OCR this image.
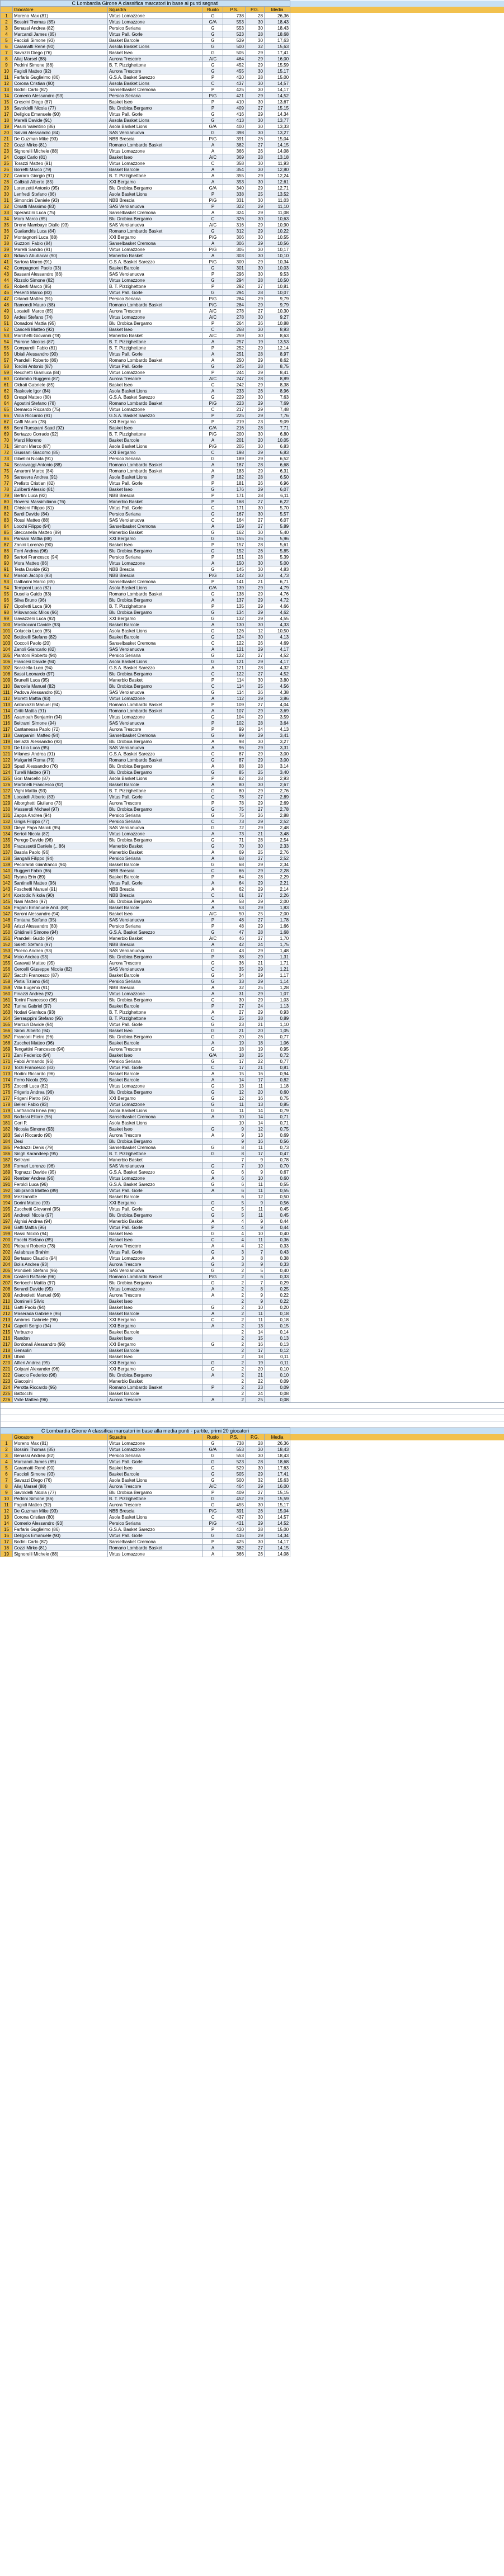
C Lombardia Girone A classifica marcatori in base ai punti segnati							
	Giocatore	Squadra	Ruolo	P.S.	P.G.	Media	
1	Moreno Max (81)	Virtus Lomazzone	G	738	28	26,36	
2	Bossini Thomas (85)	Virtus Lomazzone	G/A	553	30	18,43	
3	Benassi Andrea (82)	Persico Seriana	G	553	30	18,43	
4	Marcandi James (85)	Virtus Pall. Gorle	G	523	28	18,68	
5	Faccioli Simone (93)	Basket Barcole	G	529	30	17,63	
6	Caramatti René (90)	Assola Basket Lions	G	500	32	15,63	
7	Savazzi Diego (76)	Basket Iseo	G	505	29	17,41	
8	Aliaj Marsel (88)	Aurora Trescore	A/C	464	29	16,00	
9	Pedrini Simone (86)	B. T. Pizzighettone	G	452	29	15,59	
10	Fagioli Matteo (92)	Aurora Trescore	G	455	30	15,17	
11	Farfaris Guglielmo (86)	G.S.A. Basket Sarezzo	P	420	28	15,00	
12	Corona Cristian (80)	Assola Basket Lions	C	437	30	14,57	
13	Bodini Carlo (87)	Sanselbasket Cremona	P	425	30	14,17	
14	Comerio Alessandro (93)	Persico Seriana	P/G	421	29	14,52	
15	Crescini Diego (87)	Basket Iseo	P	410	30	13,67	
16	Savoldelli Nicola (77)	Blu Orobica Bergamo	P	409	27	15,15	
17	Deligios Emanuele (90)	Virtus Pall. Gorle	G	416	29	14,34	
18	Marelli Davide (91)	Assola Basket Lions	G	413	30	13,77	
19	Pasini Valentino (86)	Asola Basket Lions	G/A	400	30	13,33	
20	Salvini Alessandro (84)	SAS Verolanuova	G	398	30	13,27	
21	De Guzman Mike (93)	NBB Brescia	P/G	391	26	15,04	
22	Cozzi Mirko (81)	Romano Lombardo Basket	A	382	27	14,15	
23	Signorelli Michele (88)	Virtus Lomazzone	A	366	26	14,08	
24	Coppi Carlo (81)	Basket Iseo	A/C	369	28	13,18	
25	Torazzi Matteo (91)	Virtus Lomazzone	C	358	30	11,93	
26	Borretti Marco (79)	Basket Barcole	A	354	30	12,80	
27	Carrara Giorgio (91)	B. T. Pizzighettone	A	355	29	12,24	
28	Galbiati Alberto (85)	XXI Bergamo	A	353	30	12,61	
29	Lorenzetti Antonio (95)	Blu Orobica Bergamo	G/A	340	29	12,71	
30	Lenfredi Stefano (86)	Asola Basket Lions	P	338	25	13,52	
31	Simoncini Daniele (93)	NBB Brescia	P/G	331	30	11,03	
32	Orsatti Massimo (83)	SAS Verolanuova	P	322	29	11,10	
33	Speranzini Luca (75)	Sanselbasket Cremona	A	324	29	11,08	
34	Mora Marco (85)	Blu Orobica Bergamo	C	326	30	10,63	
35	Drene Mambaye Diallo (93)	SAS Verolanuova	A/C	316	29	10,90	
36	Gualandris Luca (84)	Romano Lombardo Basket	G	312	29	10,22	
37	Montagnoni Luca (88)	XXI Bergamo	P/G	306	30	10,55	
38	Guzzoni Fabio (84)	Sanselbasket Cremona	A	306	29	10,56	
39	Marelli Sandro (91)	Virtus Lomazzone	P/G	305	30	10,17	
40	Nduwo Abubacar (90)	Manerbio Basket	A	303	30	10,10	
41	Sartora Marco (91)	G.S.A. Basket Sarezzo	P/G	300	29	10,34	
42	Compagnoni Paolo (93)	Basket Barcole	G	301	30	10,03	
43	Bassani Alessandro (86)	SAS Verolanuova	P	296	30	9,53	
44	Rizzolo Simone (82)	Virtus Lomazzone	G	294	28	10,50	
45	Roberti Marco (85)	B. T. Pizzighettone	P	292	27	10,81	
46	Pesenti Marco (83)	Virtus Pall. Gorle	G	294	28	10,07	
47	Orlandi Matteo (91)	Persico Seriana	P/G	284	29	9,79	
48	Ramondi Mauro (88)	Romano Lombardo Basket	P/G	284	29	9,79	
49	Locatelli Marco (85)	Aurora Trescore	A/C	278	27	10,30	
50	Ardesi Stefano (74)	Virtus Lomazzone	A/C	278	30	9,27	
51	Donadoni Mattia (95)	Blu Orobica Bergamo	P	264	26	10,88	
52	Cancelli Matteo (92)	Basket Iseo	C	268	30	8,93	
53	Marchetti Giovanni (78)	Manerbio Basket	A/C	259	30	8,63	
54	Pairone Nicolas (87)	B. T. Pizzighettone	A	257	19	13,53	
55	Comparelli Fabio (81)	B. T. Pizzighettone	P	252	29	12,14	
56	Ubiali Alessandro (90)	Virtus Pall. Gorle	A	251	28	8,97	
57	Prandelli Roberto (86)	Romano Lombardo Basket	A	250	29	8,62	
58	Tordini Antonio (87)	Virtus Pall. Gorle	G	245	28	8,75	
59	Recchetti Gianluca (84)	Virtus Lomazzone	P	244	29	8,41	
60	Colombo Ruggero (87)	Aurora Trescore	A/C	247	28	8,89	
61	Oldrati Gabriele (85)	Basket Iseo	C	242	29	8,38	
62	Raskovic Igor (84)	Asola Basket Lions	A	233	26	8,96	
63	Crespi Matteo (80)	G.S.A. Basket Sarezzo	G	229	30	7,63	
64	Agostini Stefano (78)	Romano Lombardo Basket	P/G	223	29	7,69	
65	Demarco Riccardo (75)	Virtus Lomazzone	C	217	29	7,48	
66	Viola Riccardo (91)	G.S.A. Basket Sarezzo	P	225	29	7,76	
67	Caffi Mauro (78)	XXI Bergamo	P	219	23	9,09	
68	Beni Ruespani Saad (92)	Basket Iseo	G/A	216	28	7,71	
69	Bertazzo Corrado (92)	B. T. Pizzighettone	P/G	200	30	6,80	
70	Marzi Moreno	Basket Barcole	A	201	20	10,05	
71	Simoni Marco (87)	Asola Basket Lions	P/G	205	30	6,83	
72	Giussani Giacomo (85)	XXI Bergamo	C	198	29	6,83	
73	Gibellini Nicola (91)	Persico Seriana	G	189	29	6,52	
74	Scaravaggi Antonio (88)	Romano Lombardo Basket	A	187	28	6,68	
75	Amaroni Marco (84)	Romano Lombardo Basket	A	183	29	6,31	
76	Sansevra Andrea (91)	Asola Basket Lions	P	182	28	6,50	
77	Prefisto Cristian (82)	Virtus Pall. Gorle	P	181	26	6,96	
78	Zuliberti Alessio (81)	Basket Iseo	G	176	29	6,07	
79	Bertini Luca (92)	NBB Brescia	P	171	28	6,11	
80	Roversi Massimiliano (76)	Manerbio Basket	P	168	27	6,22	
81	Ghisleni Filippo (81)	Virtus Pall. Gorle	C	171	30	5,70	
82	Bardi Davide (84)	Persico Seriana	G	167	30	5,57	
83	Rossi Matteo (88)	SAS Verolanuova	C	164	27	6,07	
84	Locchi Filippo (94)	Sanselbasket Cremona	A	159	27	5,89	
85	Steccanella Matteo (89)	Manerbio Basket	G	162	30	5,40	
86	Parsani Mattia (88)	XXI Bergamo	G	155	26	5,96	
87	Zanini Lorenzo (90)	Basket Iseo	P	157	28	5,61	
88	Ferri Andrea (96)	Blu Orobica Bergamo	G	152	26	5,85	
89	Sartori Francesco (94)	Persico Seriana	P	151	28	5,39	
90	Mora Matteo (86)	Virtus Lomazzone	A	150	30	5,00	
91	Testa Davide (92)	NBB Brescia	G	145	30	4,83	
92	Mason Jacopo (93)	NBB Brescia	P/G	142	30	4,73	
93	Galbarini Marco (85)	Sanselbasket Cremona	P	141	21	6,71	
94	Temponi Luca (82)	Asola Basket Lions	G/A	139	29	4,79	
95	Dusella Guido (83)	Romano Lombardo Basket	G	138	29	4,76	
96	Silva Bruno (96)	Blu Orobica Bergamo	A	137	29	4,72	
97	Cipolletti Luca (90)	B. T. Pizzighettone	P	135	29	4,66	
98	Milovanovic Milos (96)	Blu Orobica Bergamo	G	134	29	4,62	
99	Gavazzeni Luca (92)	XXI Bergamo	G	132	29	4,55	
100	Mastrocani Davide (93)	Basket Barcole	A	130	30	4,33	
101	Coluccia Luca (85)	Asola Basket Lions	G	126	12	10,50	
102	Botticelli Stefano (82)	Basket Barcole	G	124	30	4,13	
103	Coccoli Paolo (20)	Sanselbasket Cremona	C	122	26	4,69	
104	Zanoli Giancarlo (82)	SAS Verolanuova	A	121	29	4,17	
105	Piantoni Roberto (94)	Persico Seriana	G	122	27	4,52	
106	Francesi Davide (94)	Asola Basket Lions	G	121	29	4,17	
107	Scarzella Luca (94)	G.S.A. Basket Sarezzo	A	121	28	4,32	
108	Bassi Leonardo (97)	Blu Orobica Bergamo	C	122	27	4,52	
109	Brunelli Luca (95)	Manerbio Basket	P	114	30	3,80	
110	Barcella Manuel (82)	Blu Orobica Bergamo	C	114	25	4,56	
111	Padova Alessandro (81)	SAS Verolanuova	G	114	26	4,38	
112	Moretti Mattia (93)	Virtus Lomazzone	A	112	29	3,86	
113	Antoniazzi Manuel (94)	Romano Lombardo Basket	P	109	27	4,04	
114	Gritti Mattia (91)	Romano Lombardo Basket	A	107	29	3,69	
115	Asamoah Benjamin (94)	Virtus Lomazzone	G	104	29	3,59	
116	Beltrami Simone (94)	SAS Verolanuova	P	102	28	3,64	
117	Cantanessa Paolo (72)	Aurora Trescore	P	99	24	4,13	
118	Campanini Matteo (94)	Sanselbasket Cremona	G	99	29	3,41	
119	Bellazzi Alessandro (93)	Blu Orobica Bergamo	A	98	30	3,27	
120	De Lillo Luca (95)	SAS Verolanuova	A	96	29	3,31	
121	Milanesi Andrea (91)	G.S.A. Basket Sarezzo	C	87	29	3,00	
122	Malgarini Roma (79)	Romano Lombardo Basket	G	87	29	3,00	
123	Spadi Alessandro (76)	Blu Orobica Bergamo	A	88	28	3,14	
124	Turelli Matteo (97)	Blu Orobica Bergamo	G	85	25	3,40	
125	Gori Marcello (87)	Asola Basket Lions	P	82	28	2,93	
126	Martinelli Francesco (92)	Basket Barcole	A	80	30	2,67	
127	Vighi Mattia (93)	B. T. Pizzighettone	G	80	29	2,76	
128	Locatelli Alberto (83)	Virtus Pall. Gorle	C	78	27	2,89	
129	Alborghetti Giuliano (73)	Aurora Trescore	P	78	29	2,69	
130	Masseroli Michael (97)	Blu Orobica Bergamo	G	75	27	2,78	
131	Zappa Andrea (94)	Persico Seriana	G	75	26	2,88	
132	Grigis Filippo (77)	Persico Seriana	C	73	29	2,52	
133	Dieye Papa Malick (95)	SAS Verolanuova	G	72	29	2,48	
134	Bertoli Nicola (82)	Virtus Lomazzone	A	73	21	3,48	
135	Perego Davide (96)	Blu Orobica Bergamo	G	71	28	2,54	
136	Fracassetti Daniele (., 86)	Manerbio Basket	G	70	30	2,33	
137	Basola Paolo (96)	Manerbio Basket	A	69	25	2,76	
138	Sangalli Filippo (94)	Persico Seriana	A	68	27	2,52	
139	Pecoraroli Gianfranco (94)	Basket Barcole	G	68	29	2,34	
140	Ruggeri Fabio (86)	NBB Brescia	C	66	29	2,28	
141	Ryana Erin (89)	Basket Barcole	P	64	28	2,29	
142	Santinelli Matteo (96)	Virtus Pall. Gorle	A	64	29	2,21	
143	Foschetti Manuel (91)	NBB Brescia	A	62	29	2,14	
144	Kostodic Nikola (90)	NBB Brescia	C	61	27	2,26	
145	Nani Matteo (97)	Blu Orobica Bergamo	A	58	29	2,00	
146	Fagani Emanuele And. (88)	Basket Barcole	A	53	29	1,83	
147	Baroni Alessandro (94)	Basket Iseo	A/C	50	25	2,00	
148	Fontana Stefano (95)	SAS Verolanuova	P	48	27	1,78	
149	Arizzi Alessandro (80)	Persico Seriana	P	48	29	1,66	
150	Ghidinelli Simone (94)	G.S.A. Basket Sarezzo	G	47	28	1,68	
151	Prandelli Guido (94)	Manerbio Basket	A/C	46	27	1,70	
152	Saletti Stefano (97)	NBB Brescia	A	42	24	1,75	
153	Piceno Andrea (93)	SAS Verolanuova	G	43	29	1,48	
154	Moio Andrea (93)	Blu Orobica Bergamo	P	38	29	1,31	
155	Caravati Matteo (95)	Aurora Trescore	G	36	21	1,71	
156	Cercelli Giuseppe Nicola (82)	SAS Verolanuova	C	35	29	1,21	
157	Sacchi Francesco (87)	Basket Barcole	G	34	29	1,17	
158	Pistis Tiziano (94)	Persico Seriana	G	33	29	1,14	
159	Villa Eugenio (91)	NBB Brescia	A	32	25	1,28	
160	Finazzi Andrea (92)	Virtus Lomazzone	A	31	29	1,07	
161	Tonini Francesco (96)	Blu Orobica Bergamo	C	30	29	1,03	
162	Turina Gabriel (97)	Basket Barcole	P	27	24	1,13	
163	Nodari Gianluca (93)	B. T. Pizzighettone	A	27	29	0,93	
164	Serrauppini Stefano (95)	B. T. Pizzighettone	C	25	28	0,89	
165	Marcuri Davide (94)	Virtus Pall. Gorle	G	23	21	1,10	
166	Sironi Alberto (94)	Basket Iseo	G	21	20	1,05	
167	Franconi Pietro (96)	Blu Orobica Bergamo	G	20	26	0,77	
168	Zucchet Matteo (96)	Basket Barcole	A	19	18	1,06	
169	Tengattini Francesco (94)	Aurora Trescore	G	18	19	0,95	
170	Zani Federico (94)	Basket Iseo	G/A	18	25	0,72	
171	Fabbi Armando (96)	Persico Seriana	G	17	22	0,77	
172	Torzi Francesco (83)	Virtus Pall. Gorle	C	17	21	0,81	
173	Rodini Riccardo (96)	Basket Barcole	A	15	16	0,94	
174	Ferro Nicola (95)	Basket Barcole	A	14	17	0,82	
175	Zoccoli Luca (82)	Virtus Lomazzone	G	13	11	1,18	
176	Frigerio Andrea (96)	Blu Orobica Bergamo	G	12	20	0,60	
177	Frigeni Pietro (93)	XXI Bergamo	G	12	16	0,75	
178	Belleri Fabio (93)	Virtus Lomazzone	G	11	13	0,85	
179	Lanfranchi Enea (96)	Asola Basket Lions	G	11	14	0,79	
180	Bodassi Ettore (96)	Sanselbasket Cremona	A	10	14	0,71	
181	Gori P.	Asola Basket Lions		10	14	0,71	
182	Nicosia Simone (93)	Basket Iseo	G	9	12	0,75	
183	Salvi Riccardo (90)	Aurora Trescore	A	9	13	0,69	
184	Desi	Blu Orobica Bergamo		9	16	0,56	
185	Pedrazzi Denis (79)	Sanselbasket Cremona	G	8	11	0,73	
186	Singh Karandeep (95)	B. T. Pizzighettone	G	8	17	0,47	
187	Beltrami	Manerbio Basket		7	9	0,78	
188	Fornari Lorenzo (96)	SAS Verolanuova	G	7	10	0,70	
189	Tognazzi Davide (95)	G.S.A. Basket Sarezzo	G	6	9	0,67	
190	Rember Andrea (96)	Virtus Lomazzone	A	6	10	0,60	
191	Feroldi Luca (96)	G.S.A. Basket Sarezzo	G	6	11	0,55	
192	Sibiprandi Matteo (89)	Virtus Pall. Gorle	A	6	11	0,55	
193	Mezzanotte	Basket Barcole		6	12	0,50	
194	Dorini Matteo (93)	XXI Bergamo	G	5	9	0,56	
195	Zucchetti Giovanni (95)	Virtus Pall. Gorle	C	5	11	0,45	
196	Andreoli Nicola (97)	Blu Orobica Bergamo	G	5	11	0,45	
197	Alghisi Andrea (94)	Manerbio Basket	A	4	9	0,44	
198	Gatti Mattia (96)	Virtus Pall. Gorle	P	4	9	0,44	
199	Rassi Nicolò (94)	Basket Iseo	G	4	10	0,40	
200	Facchi Stefano (85)	Basket Iseo	C	4	11	0,36	
201	Piebani Roberto (78)	Aurora Trescore	A	4	12	0,33	
202	Aulabruse Brahim	Virtus Pall. Gorle	G	3	7	0,43	
203	Bertasso Claudio (94)	Virtus Lomazzone	A	3	8	0,38	
204	Bolis Andrea (93)	Aurora Trescore	G	3	9	0,33	
205	Mondielli Stefano (96)	SAS Verolanuova	G	2	5	0,40	
206	Costelli Raffaele (96)	Romano Lombardo Basket	P/G	2	6	0,33	
207	Bertocchi Mattia (97)	Blu Orobica Bergamo	G	2	7	0,29	
208	Berardi Davide (95)	Virtus Lomazzone	A	2	8	0,25	
209	Andreoletti Manuel (96)	Aurora Trescore	A	2	9	0,22	
210	Dominelli Silvio	Basket Iseo		2	9	0,22	
211	Gatti Paolo (94)	Basket Iseo	G	2	10	0,20	
212	Maserada Gabriele (96)	Basket Barcole	A	2	11	0,18	
213	Ambrosi Gabriele (96)	XXI Bergamo	C	2	11	0,18	
214	Capelli Sergio (94)	XXI Bergamo	A	2	13	0,15	
215	Verbuzno	Basket Barcole		2	14	0,14	
216	Randon	Basket Iseo		2	15	0,13	
217	Bordonali Alessandro (95)	XXI Bergamo	G	2	16	0,13	
218	Gensolin	Basket Barcole		2	17	0,12	
219	Ubiali	Basket Iseo		2	18	0,11	
220	Alfieri Andrea (95)	XXI Bergamo	G	2	19	0,11	
221	Colpani Alexander (96)	XXI Bergamo	G	2	20	0,10	
222	Giaccio Federico (96)	Blu Orobica Bergamo	A	2	21	0,10	
223	Giacopini	Manerbio Basket		2	22	0,09	
224	Perotta Riccardo (95)	Romano Lombardo Basket	P	2	23	0,09	
225	Battocchi	Basket Barcole		2	24	0,08	
226	Valle Matteo (96)	Aurora Trescore	A	2	25	0,08	

C Lombardia Girone A classifica marcatori in base alla media punti - partite, primi 20 giocatori							
	Giocatore	Squadra	Ruolo	P.S.	P.G.	Media	
1	Moreno Max (81)	Virtus Lomazzone	G	738	28	26,36	
2	Bossini Thomas (85)	Virtus Lomazzone	G/A	553	30	18,43	
3	Benassi Andrea (82)	Persico Seriana	G	553	30	18,43	
4	Marcandi James (85)	Virtus Pall. Gorle	G	523	28	18,68	
5	Caramatti René (90)	Basket Iseo	G	529	30	17,63	
6	Faccioli Simone (93)	Basket Barcole	G	505	29	17,41	
7	Savazzi Diego (76)	Asola Basket Lions	G	500	32	15,63	
8	Aliaj Marsel (88)	Aurora Trescore	A/C	464	29	16,00	
9	Savoldelli Nicola (77)	Blu Orobica Bergamo	P	409	27	15,15	
10	Pedrini Simone (86)	B. T. Pizzighettone	G	452	29	15,59	
11	Fagioli Matteo (92)	Aurora Trescore	G	455	30	15,17	
12	De Guzman Mike (93)	NBB Brescia	P/G	391	26	15,04	
13	Corona Cristian (80)	Asola Basket Lions	C	437	30	14,57	
14	Comerio Alessandro (93)	Persico Seriana	P/G	421	29	14,52	
15	Farfaris Guglielmo (86)	G.S.A. Basket Sarezzo	P	420	28	15,00	
16	Deligios Emanuele (90)	Virtus Pall. Gorle	G	416	29	14,34	
17	Bodini Carlo (87)	Sanselbasket Cremona	P	425	30	14,17	
18	Cozzi Mirko (81)	Romano Lombardo Basket	A	382	27	14,15	
19	Signorelli Michele (88)	Virtus Lomazzone	A	366	26	14,08	
